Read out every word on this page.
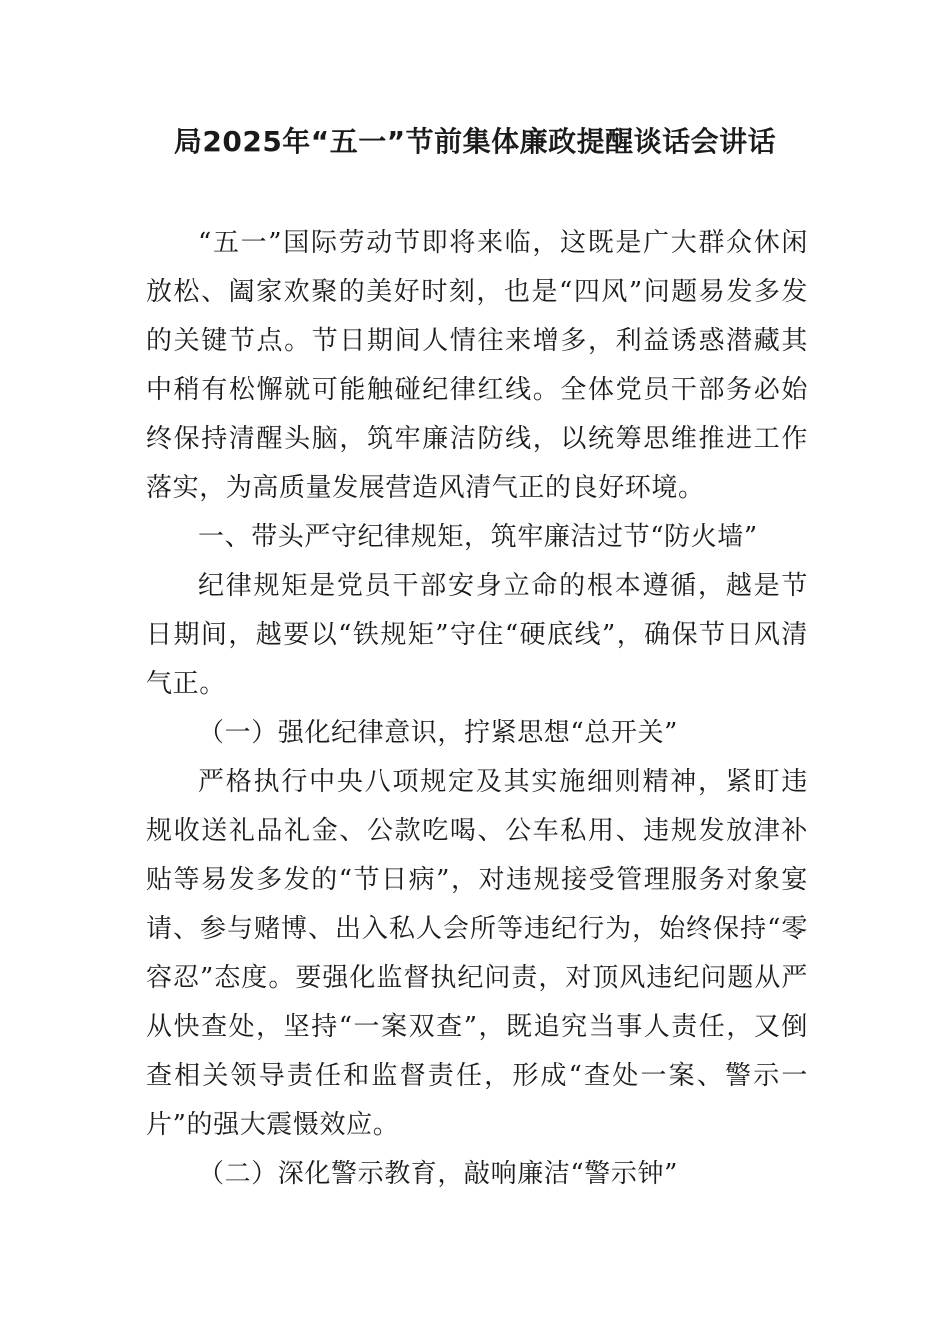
局2025年“五一”节前集体廉政提醒谈话会讲话

“五一”国际劳动节即将来临，这既是广大群众休闲放松、阖家欢聚的美好时刻，也是“四风”问题易发多发的关键节点。节日期间人情往来增多，利益诱惑潜藏其中稍有松懈就可能触碰纪律红线。全体党员干部务必始终保持清醒头脑，筑牢廉洁防线，以统筹思维推进工作落实，为高质量发展营造风清气正的良好环境。

一、带头严守纪律规矩，筑牢廉洁过节“防火墙”

纪律规矩是党员干部安身立命的根本遵循，越是节日期间，越要以“铁规矩”守住“硬底线”，确保节日风清气正。

（一）强化纪律意识，拧紧思想“总开关”

严格执行中央八项规定及其实施细则精神，紧盯违规收送礼品礼金、公款吃喝、公车私用、违规发放津补贴等易发多发的“节日病”，对违规接受管理服务对象宴请、参与赌博、出入私人会所等违纪行为，始终保持“零容忍”态度。要强化监督执纪问责，对顶风违纪问题从严从快查处，坚持“一案双查”，既追究当事人责任，又倒查相关领导责任和监督责任，形成“查处一案、警示一片”的强大震慑效应。

（二）深化警示教育，敲响廉洁“警示钟”
